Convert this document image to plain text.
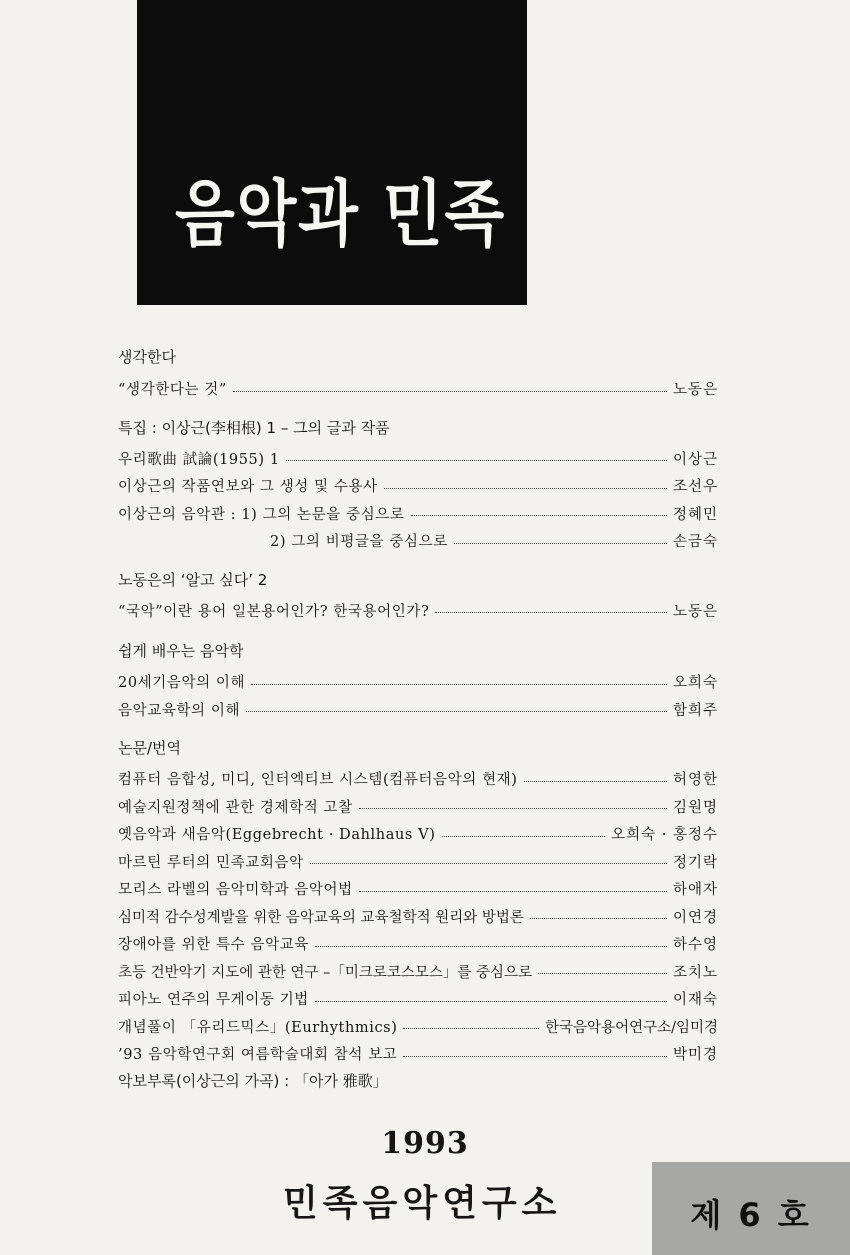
음악과 민족
생각한다
“생각한다는 것”	노동은
특집 : 이상근(李相根) 1 – 그의 글과 작품
우리歌曲 試論(1955) 1	이상근
이상근의 작품연보와 그 생성 및 수용사	조선우
이상근의 음악관 : 1) 그의 논문을 중심으로	정혜민
2) 그의 비평글을 중심으로	손금숙
노동은의 ‘알고 싶다’ 2
“국악”이란 용어 일본용어인가? 한국용어인가?	노동은
쉽게 배우는 음악학
20세기음악의 이해	오희숙
음악교육학의 이해	함희주
논문/번역
컴퓨터 음합성, 미디, 인터엑티브 시스템(컴퓨터음악의 현재)	허영한
예술지원정책에 관한 경제학적 고찰	김원명
옛음악과 새음악(Eggebrecht · Dahlhaus V)	오희숙 · 홍정수
마르틴 루터의 민족교회음악	정기락
모리스 라벨의 음악미학과 음악어법	하애자
심미적 감수성계발을 위한 음악교육의 교육철학적 원리와 방법론	이연경
장애아를 위한 특수 음악교육	하수영
초등 건반악기 지도에 관한 연구 –「미크로코스모스」를 중심으로	조치노
피아노 연주의 무게이동 기법	이재숙
개념풀이 「유리드믹스」(Eurhythmics)	한국음악용어연구소/임미경
’93 음악학연구회 여름학술대회 참석 보고	박미경
악보부록(이상근의 가곡) : 「아가 雅歌」
1993
민족음악연구소	제 6 호
